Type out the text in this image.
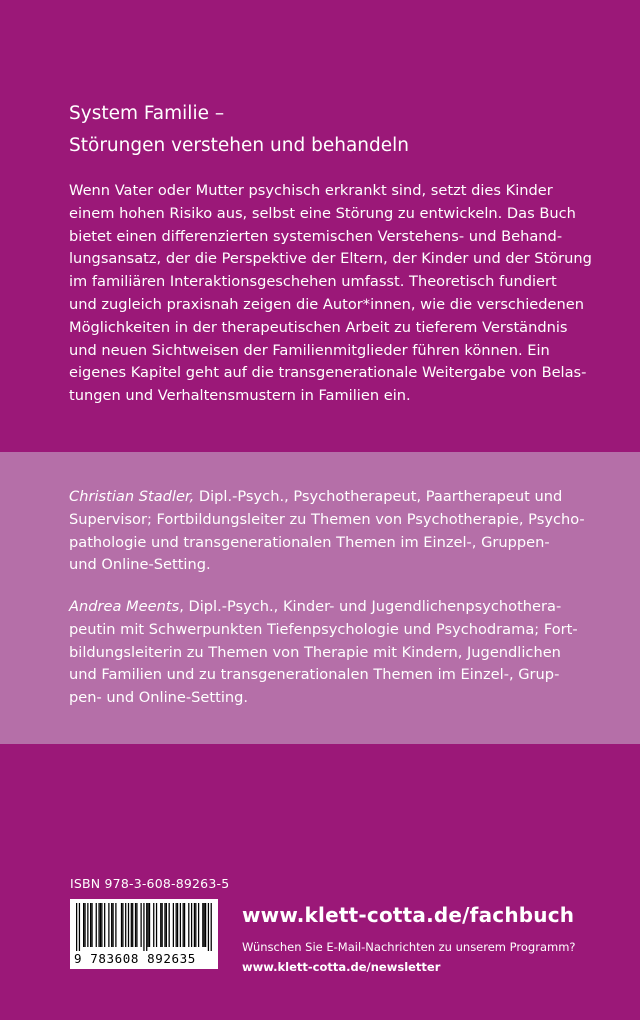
System Familie –
Störungen verstehen und behandeln
Wenn Vater oder Mutter psychisch erkrankt sind, setzt dies Kinder
einem hohen Risiko aus, selbst eine Störung zu entwickeln. Das Buch
bietet einen differenzierten systemischen Verstehens- und Behand-
lungsansatz, der die Perspektive der Eltern, der Kinder und der Störung
im familiären Interaktionsgeschehen umfasst. Theoretisch fundiert
und zugleich praxisnah zeigen die Autor*innen, wie die verschiedenen
Möglichkeiten in der therapeutischen Arbeit zu tieferem Verständnis
und neuen Sichtweisen der Familienmitglieder führen können. Ein
eigenes Kapitel geht auf die transgenerationale Weitergabe von Belas-
tungen und Verhaltensmustern in Familien ein.
Christian Stadler, Dipl.-Psych., Psychotherapeut, Paartherapeut und
Supervisor; Fortbildungsleiter zu Themen von Psychotherapie, Psycho-
pathologie und transgenerationalen Themen im Einzel-, Gruppen-
und Online-Setting.
Andrea Meents, Dipl.-Psych., Kinder- und Jugendlichenpsychothera-
peutin mit Schwerpunkten Tiefenpsychologie und Psychodrama; Fort-
bildungsleiterin zu Themen von Therapie mit Kindern, Jugendlichen
und Familien und zu transgenerationalen Themen im Einzel-, Grup-
pen- und Online-Setting.
ISBN 978-3-608-89263-5
9 783608 892635
www.klett-cotta.de/fachbuch
Wünschen Sie E-Mail-Nachrichten zu unserem Programm?
www.klett-cotta.de/newsletter
